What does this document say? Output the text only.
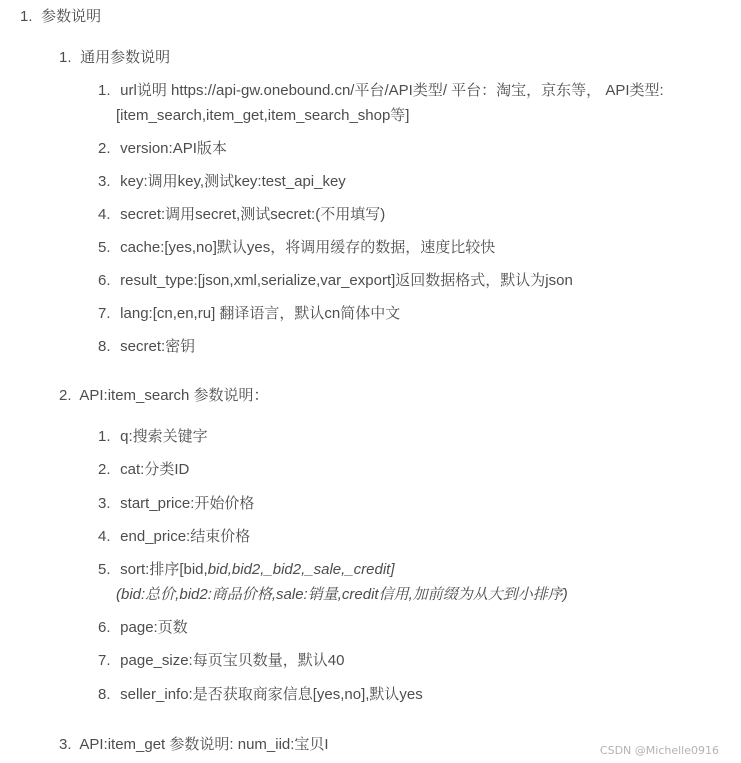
1. 参数说明
1. 通用参数说明
1. url说明 https://api-gw.onebound.cn/平台/API类型/ 平台：淘宝，京东等， API类型:
[item_search,item_get,item_search_shop等]
2. version:API版本
3. key:调用key,测试key:test_api_key
4. secret:调用secret,测试secret:(不用填写)
5. cache:[yes,no]默认yes，将调用缓存的数据，速度比较快
6. result_type:[json,xml,serialize,var_export]返回数据格式，默认为json
7. lang:[cn,en,ru] 翻译语言，默认cn简体中文
8. secret:密钥
2. API:item_search 参数说明：
1. q:搜索关键字
2. cat:分类ID
3. start_price:开始价格
4. end_price:结束价格
5. sort:排序[bid,bid,bid2,_bid2,_sale,_credit]
(bid:总价,bid2:商品价格,sale:销量,credit信用,加前缀为从大到小排序)
6. page:页数
7. page_size:每页宝贝数量，默认40
8. seller_info:是否获取商家信息[yes,no],默认yes
3. API:item_get 参数说明: num_iid:宝贝I	CSDN @Michelle0916
